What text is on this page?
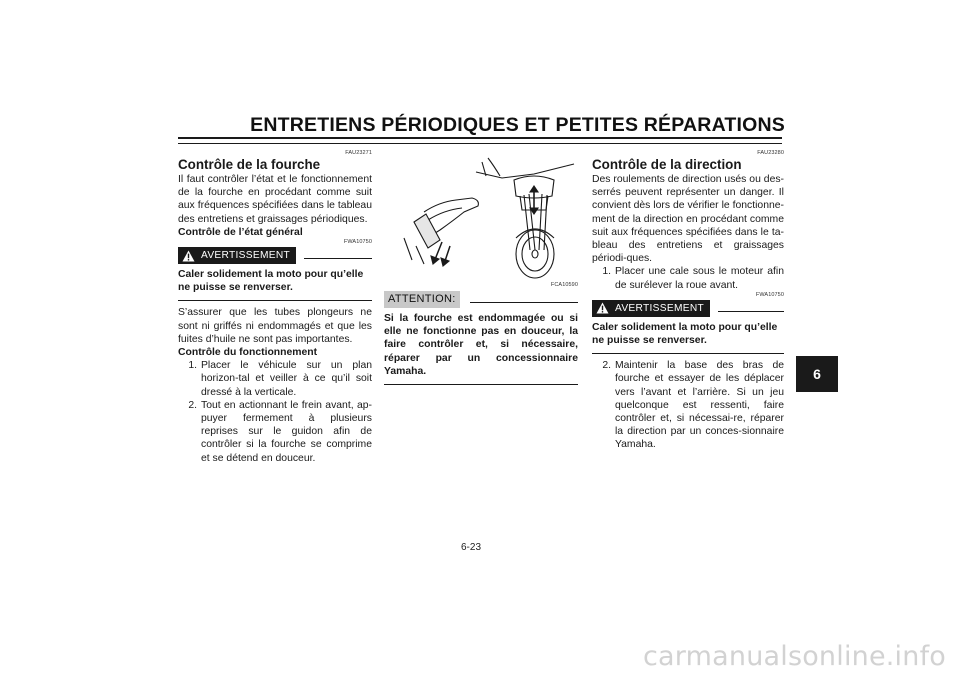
ENTRETIENS PÉRIODIQUES ET PETITES RÉPARATIONS
6
FAU23271
Contrôle de la fourche

Il faut contrôler l’état et le fonctionnement de la fourche en procédant comme suit aux fréquences spécifiées dans le tableau des entretiens et graissages périodiques.

Contrôle de l’état général

FWA10750
AVERTISSEMENT

Caler solidement la moto pour qu’elle ne puisse se renverser.

S’assurer que les tubes plongeurs ne sont ni griffés ni endommagés et que les fuites d’huile ne sont pas importantes.

Contrôle du fonctionnement

1. Placer le véhicule sur un plan horizon-tal et veiller à ce qu’il soit dressé à la verticale.
2. Tout en actionnant le frein avant, ap-puyer fermement à plusieurs reprises sur le guidon afin de contrôler si la fourche se comprime et se détend en douceur.
FCA10590
ATTENTION:

Si la fourche est endommagée ou si elle ne fonctionne pas en douceur, la faire contrôler et, si nécessaire, réparer par un concessionnaire Yamaha.

FAU23280
Contrôle de la direction

Des roulements de direction usés ou des-serrés peuvent représenter un danger. Il convient dès lors de vérifier le fonctionne-ment de la direction en procédant comme suit aux fréquences spécifiées dans le ta-bleau des entretiens et graissages périodi-ques.

1. Placer une cale sous le moteur afin de surélever la roue avant.
FWA10750
AVERTISSEMENT

Caler solidement la moto pour qu’elle ne puisse se renverser.

2. Maintenir la base des bras de fourche et essayer de les déplacer vers l’avant et l’arrière. Si un jeu quelconque est ressenti, faire contrôler et, si nécessai-re, réparer la direction par un conces-sionnaire Yamaha.
6-23
carmanualsonline.info
